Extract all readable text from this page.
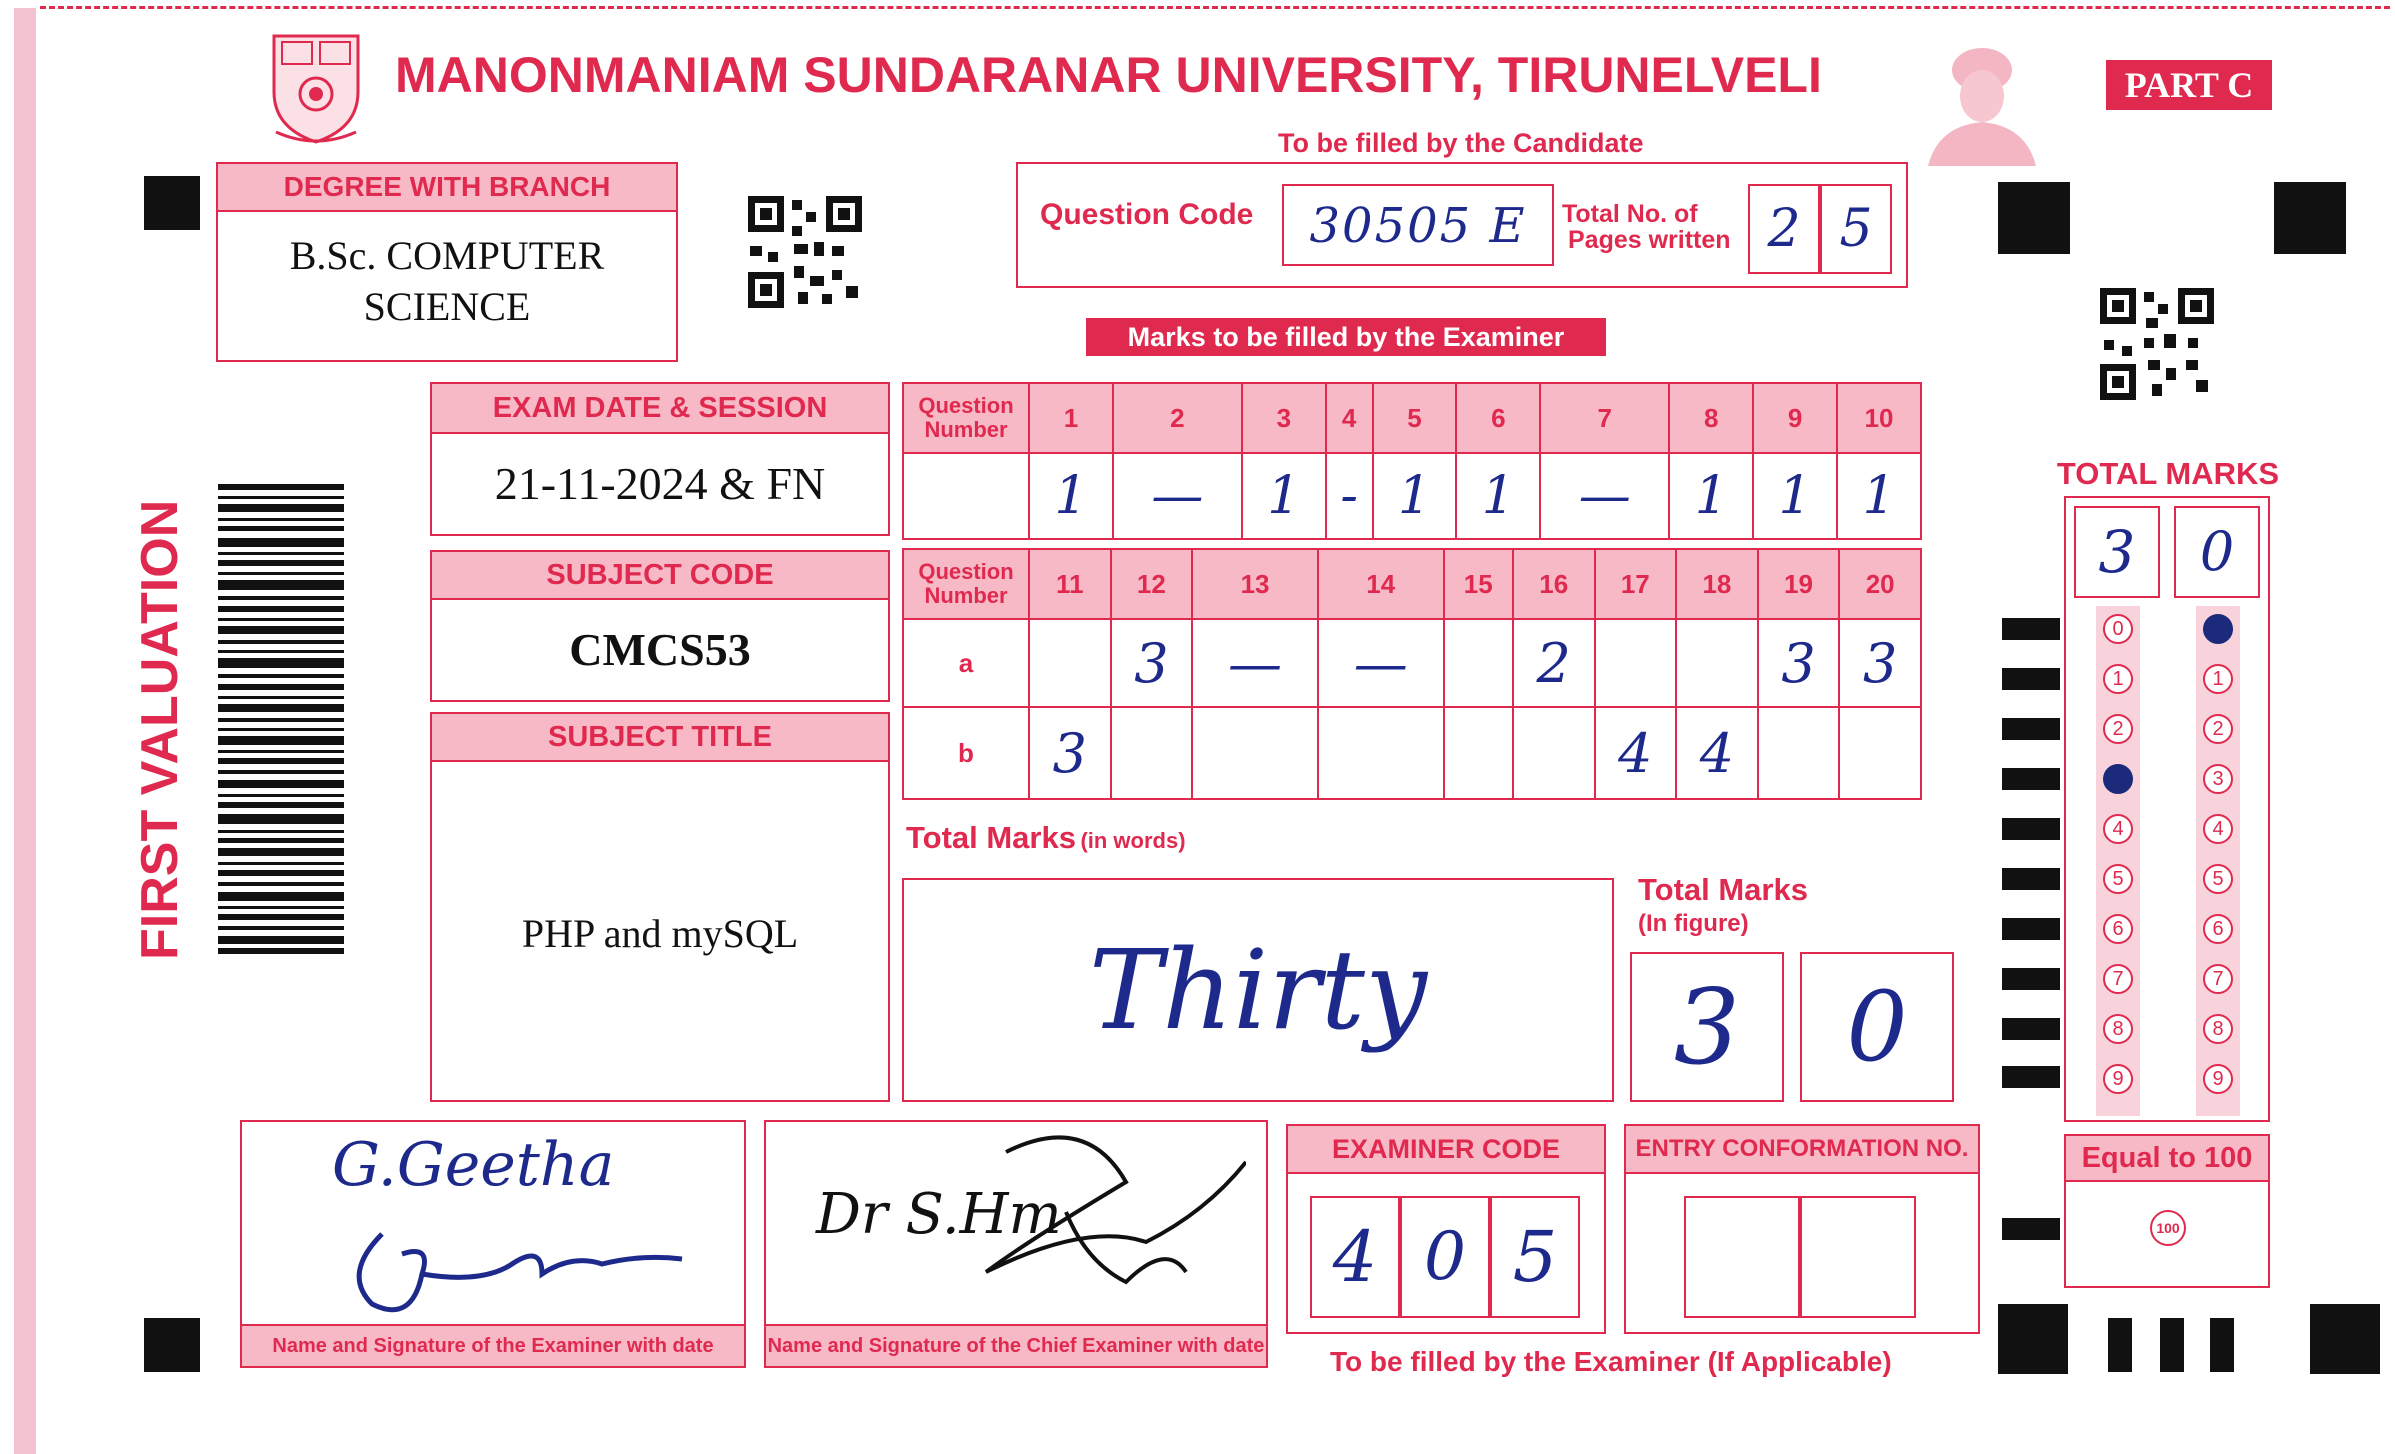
MANONMANIAM SUNDARANAR UNIVERSITY, TIRUNELVELI	PART C
To be filled by the Candidate
DEGREE WITH BRANCH
B.Sc. COMPUTER
SCIENCE
Question Code	30505 E	Total No. of
Pages written 2 5
Marks to be filled by the Examiner
FIRST VALUATION
EXAM DATE & SESSION
21-11-2024 & FN
SUBJECT CODE
CMCS53
SUBJECT TITLE
PHP and mySQL
Question
Number	1	2	3	4	5	6	7	8	9	10
	1	—	1	-	1	1	—	1	1	1
Question
Number	11	12	13	14	15	16	17	18	19	20
a		3	—	—		2			3	3
b	3						4	4		
Total Marks (in words)
Thirty
Total Marks
(In figure)
3	0
TOTAL MARKS
3	0
0
1
2
3
4
5
6
7
8
9
0
1
2
3
4
5
6
7
8
9
Equal to 100
100
G.Geetha
Name and Signature of the Examiner with date
Dr S.Hm
Name and Signature of the Chief Examiner with date
EXAMINER CODE
4 0 5
ENTRY CONFORMATION NO.
To be filled by the Examiner (If Applicable)
